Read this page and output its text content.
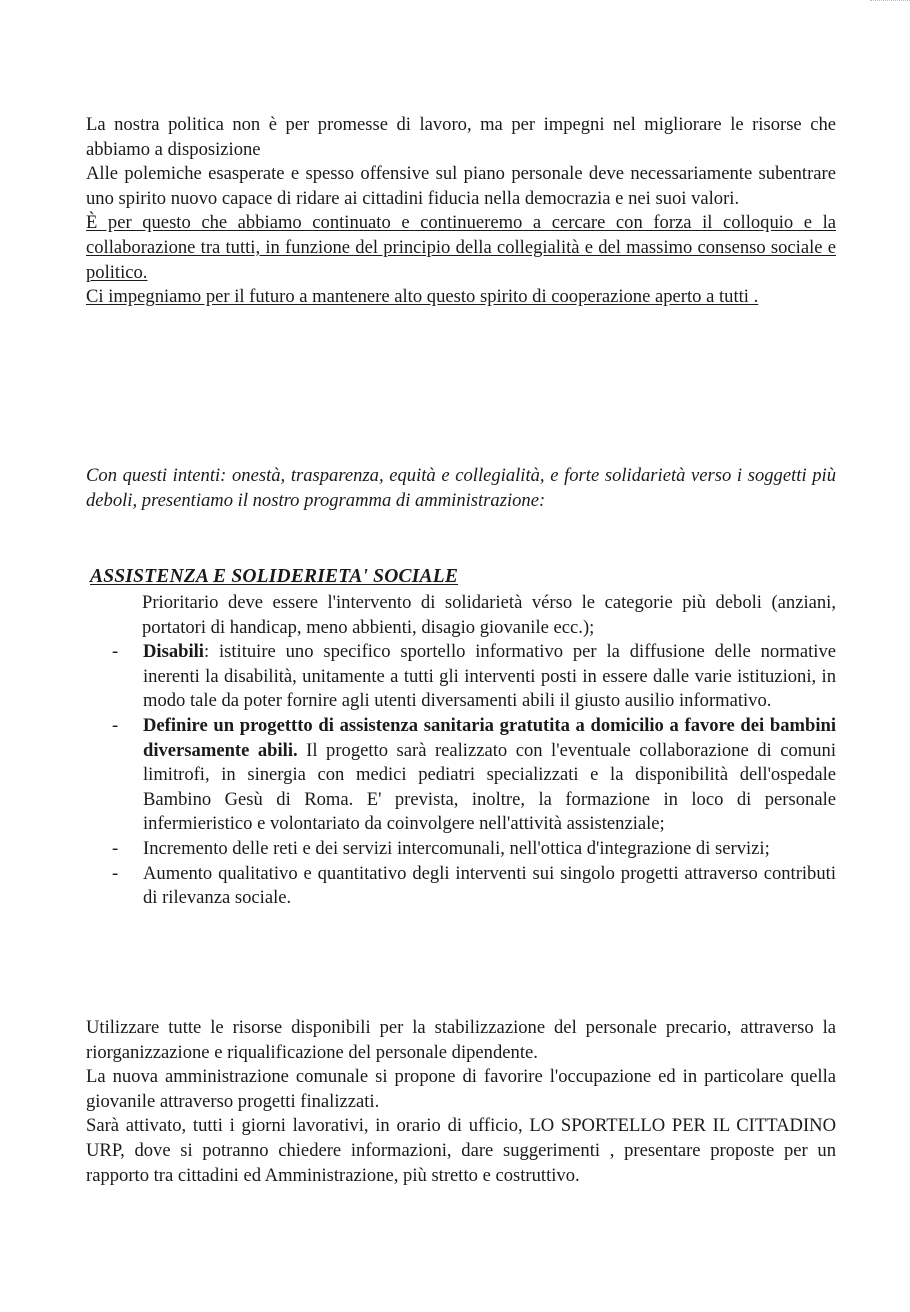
La nostra politica non è per promesse di lavoro, ma per impegni nel migliorare le risorse che abbiamo a disposizione

Alle polemiche esasperate e spesso offensive sul piano personale deve necessariamente subentrare uno spirito nuovo capace di ridare ai cittadini fiducia nella democrazia e nei suoi valori.

È per questo che abbiamo continuato e continueremo a cercare con forza il colloquio e la collaborazione tra tutti, in funzione del principio della collegialità e del massimo consenso sociale e politico.

Ci impegniamo per il futuro a mantenere alto questo spirito di cooperazione aperto a tutti .

Con questi intenti: onestà, trasparenza, equità e collegialità, e forte solidarietà verso i soggetti più deboli, presentiamo il nostro programma di amministrazione:

ASSISTENZA E SOLIDERIETA' SOCIALE

Prioritario deve essere l'intervento di solidarietà vérso le categorie più deboli (anziani, portatori di handicap, meno abbienti, disagio giovanile ecc.);

-	Disabili: istituire uno specifico sportello informativo per la diffusione delle normative inerenti la disabilità, unitamente a tutti gli interventi posti in essere dalle varie istituzioni, in modo tale da poter fornire agli utenti diversamenti abili il giusto ausilio informativo.
-	Definire un progettto di assistenza sanitaria gratutita a domicilio a favore dei bambini diversamente abili. Il progetto sarà realizzato con l'eventuale collaborazione di comuni limitrofi, in sinergia con medici pediatri specializzati e la disponibilità dell'ospedale Bambino Gesù di Roma. E' prevista, inoltre, la formazione in loco di personale infermieristico e volontariato da coinvolgere nell'attività assistenziale;
-	Incremento delle reti e dei servizi intercomunali, nell'ottica d'integrazione di servizi;
-	Aumento qualitativo e quantitativo degli interventi sui singolo progetti attraverso contributi di rilevanza sociale.

Utilizzare tutte le risorse disponibili per la stabilizzazione del personale precario, attraverso la riorganizzazione e riqualificazione del personale dipendente.

La nuova amministrazione comunale si propone di favorire l'occupazione ed in particolare quella giovanile attraverso progetti finalizzati.

Sarà attivato, tutti i giorni lavorativi, in orario di ufficio, LO SPORTELLO PER IL CITTADINO URP, dove si potranno chiedere informazioni, dare suggerimenti , presentare proposte per un rapporto tra cittadini ed Amministrazione, più stretto e costruttivo.
